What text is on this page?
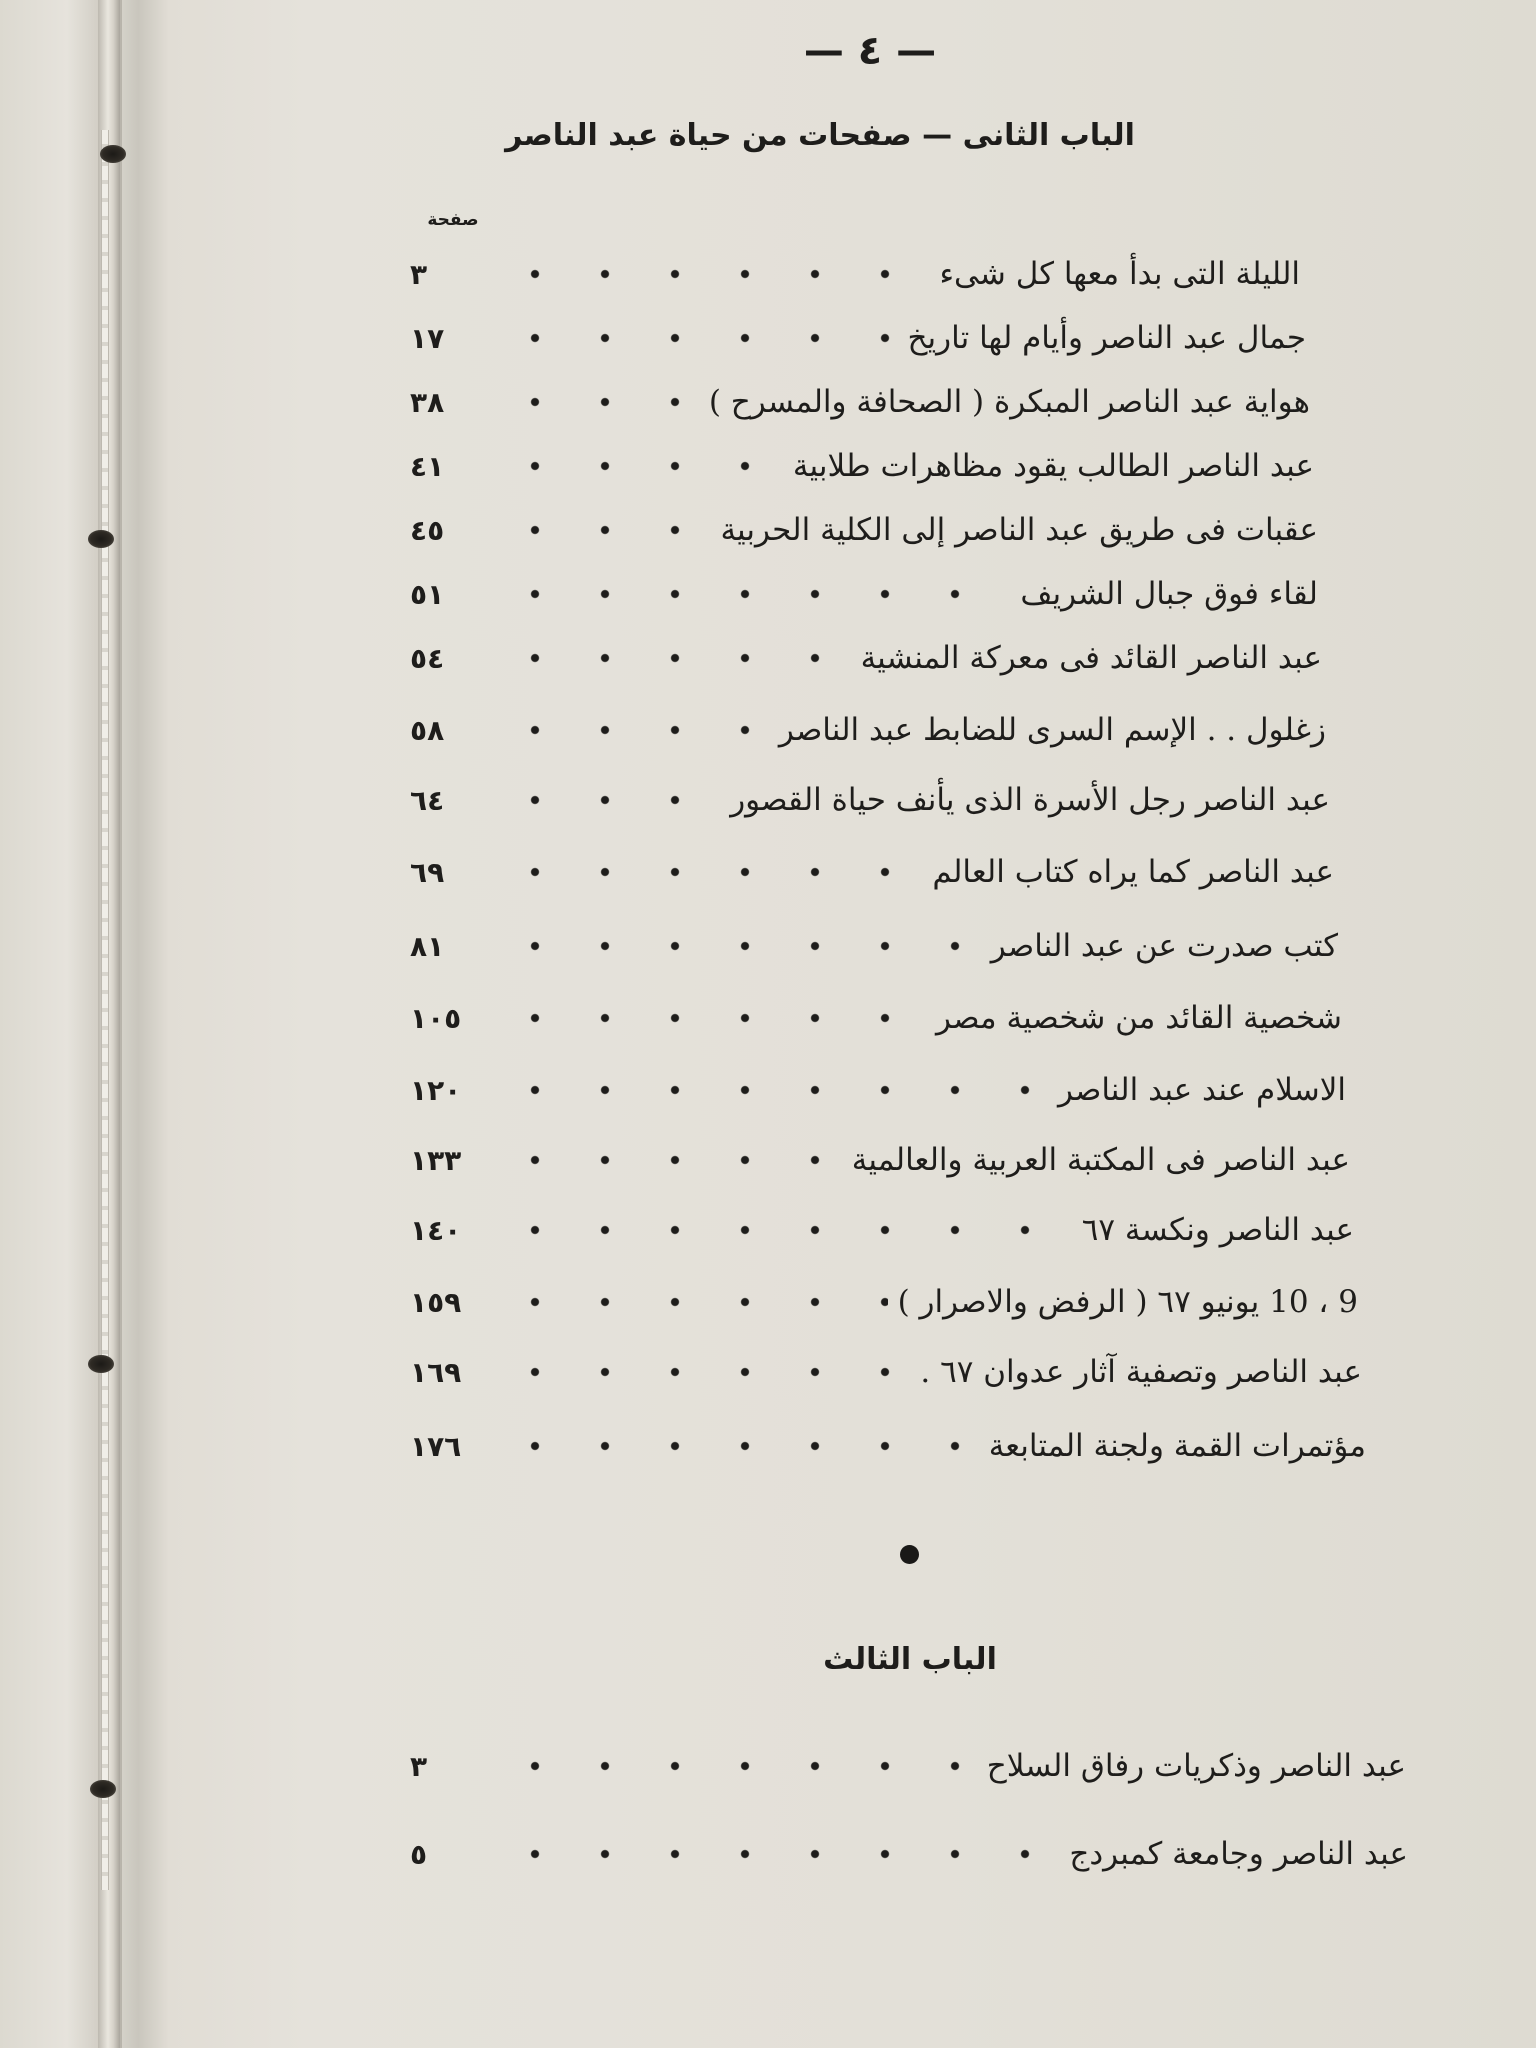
— ٤ —
الباب الثانى — صفحات من حياة عبد الناصر
صفحة
الليلة التى بدأ معها كل شىء
٣
جمال عبد الناصر وأيام لها تاريخ
١٧
هواية عبد الناصر المبكرة ( الصحافة والمسرح )
٣٨
عبد الناصر الطالب يقود مظاهرات طلابية
٤١
عقبات فى طريق عبد الناصر إلى الكلية الحربية
٤٥
لقاء فوق جبال الشريف
٥١
عبد الناصر القائد فى معركة المنشية
٥٤
زغلول . . الإسم السرى للضابط عبد الناصر
٥٨
عبد الناصر رجل الأسرة الذى يأنف حياة القصور
٦٤
عبد الناصر كما يراه كتاب العالم
٦٩
كتب صدرت عن عبد الناصر
٨١
شخصية القائد من شخصية مصر
١٠٥
الاسلام عند عبد الناصر
١٢٠
عبد الناصر فى المكتبة العربية والعالمية
١٣٣
عبد الناصر ونكسة ٦٧
١٤٠
9 ، 10 يونيو ٦٧ ( الرفض والاصرار )
١٥٩
عبد الناصر وتصفية آثار عدوان ٦٧ .
١٦٩
مؤتمرات القمة ولجنة المتابعة
١٧٦
الباب الثالث
عبد الناصر وذكريات رفاق السلاح
٣
عبد الناصر وجامعة كمبردج
٥
